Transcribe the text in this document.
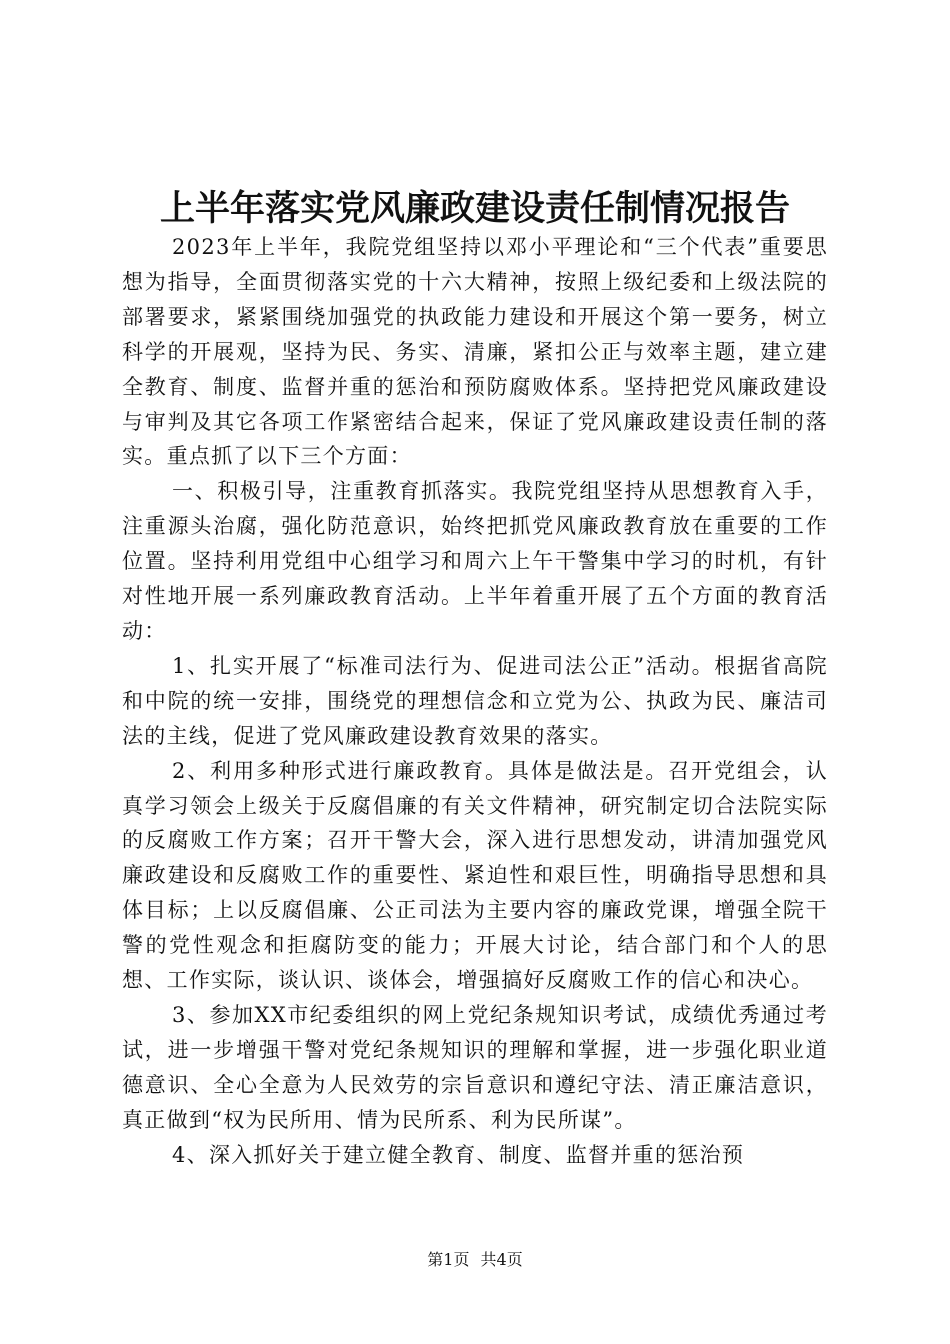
上半年落实党风廉政建设责任制情况报告

2023年上半年，我院党组坚持以邓小平理论和“三个代表”重要思想为指导，全面贯彻落实党的十六大精神，按照上级纪委和上级法院的部署要求，紧紧围绕加强党的执政能力建设和开展这个第一要务，树立科学的开展观，坚持为民、务实、清廉，紧扣公正与效率主题，建立建全教育、制度、监督并重的惩治和预防腐败体系。坚持把党风廉政建设与审判及其它各项工作紧密结合起来，保证了党风廉政建设责任制的落实。重点抓了以下三个方面：

一、积极引导，注重教育抓落实。我院党组坚持从思想教育入手，注重源头治腐，强化防范意识，始终把抓党风廉政教育放在重要的工作位置。坚持利用党组中心组学习和周六上午干警集中学习的时机，有针对性地开展一系列廉政教育活动。上半年着重开展了五个方面的教育活动：

1、扎实开展了“标准司法行为、促进司法公正”活动。根据省高院和中院的统一安排，围绕党的理想信念和立党为公、执政为民、廉洁司法的主线，促进了党风廉政建设教育效果的落实。

2、利用多种形式进行廉政教育。具体是做法是。召开党组会，认真学习领会上级关于反腐倡廉的有关文件精神，研究制定切合法院实际的反腐败工作方案；召开干警大会，深入进行思想发动，讲清加强党风廉政建设和反腐败工作的重要性、紧迫性和艰巨性，明确指导思想和具体目标；上以反腐倡廉、公正司法为主要内容的廉政党课，增强全院干警的党性观念和拒腐防变的能力；开展大讨论，结合部门和个人的思想、工作实际，谈认识、谈体会，增强搞好反腐败工作的信心和决心。

3、参加XX市纪委组织的网上党纪条规知识考试，成绩优秀通过考试，进一步增强干警对党纪条规知识的理解和掌握，进一步强化职业道德意识、全心全意为人民效劳的宗旨意识和遵纪守法、清正廉洁意识，真正做到“权为民所用、情为民所系、利为民所谋”。

4、深入抓好关于建立健全教育、制度、监督并重的惩治预

第1页 共4页
